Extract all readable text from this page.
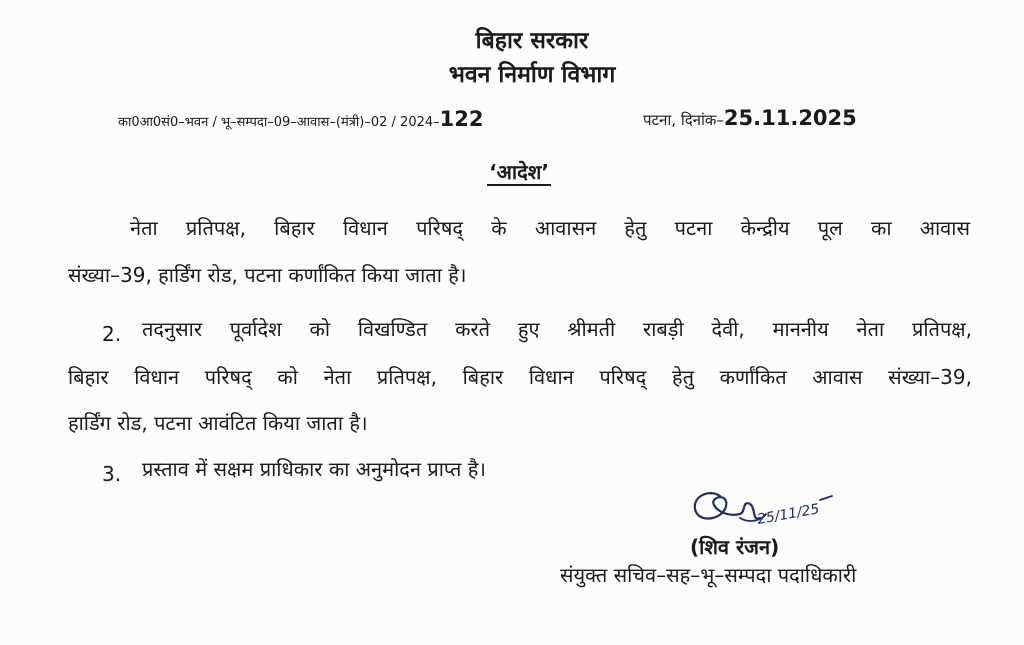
बिहार सरकार
भवन निर्माण विभाग
का0आ0सं0–भवन / भू–सम्पदा–09–आवास–(मंत्री)–02 / 2024–122	पटना, दिनांक–25.11.2025
‘आदेश’
नेता प्रतिपक्ष, बिहार विधान परिषद् के आवासन हेतु पटना केन्द्रीय पूल का आवास
संख्या–39, हार्डिंग रोड, पटना कर्णांकित किया जाता है।
2. तदनुसार पूर्वादेश को विखण्डित करते हुए श्रीमती राबड़ी देवी, माननीय नेता प्रतिपक्ष,
बिहार विधान परिषद् को नेता प्रतिपक्ष, बिहार विधान परिषद् हेतु कर्णांकित आवास संख्या–39,
हार्डिंग रोड, पटना आवंटित किया जाता है।
3. प्रस्ताव में सक्षम प्राधिकार का अनुमोदन प्राप्त है।
25/11/25
(शिव रंजन)
संयुक्त सचिव–सह–भू–सम्पदा पदाधिकारी
